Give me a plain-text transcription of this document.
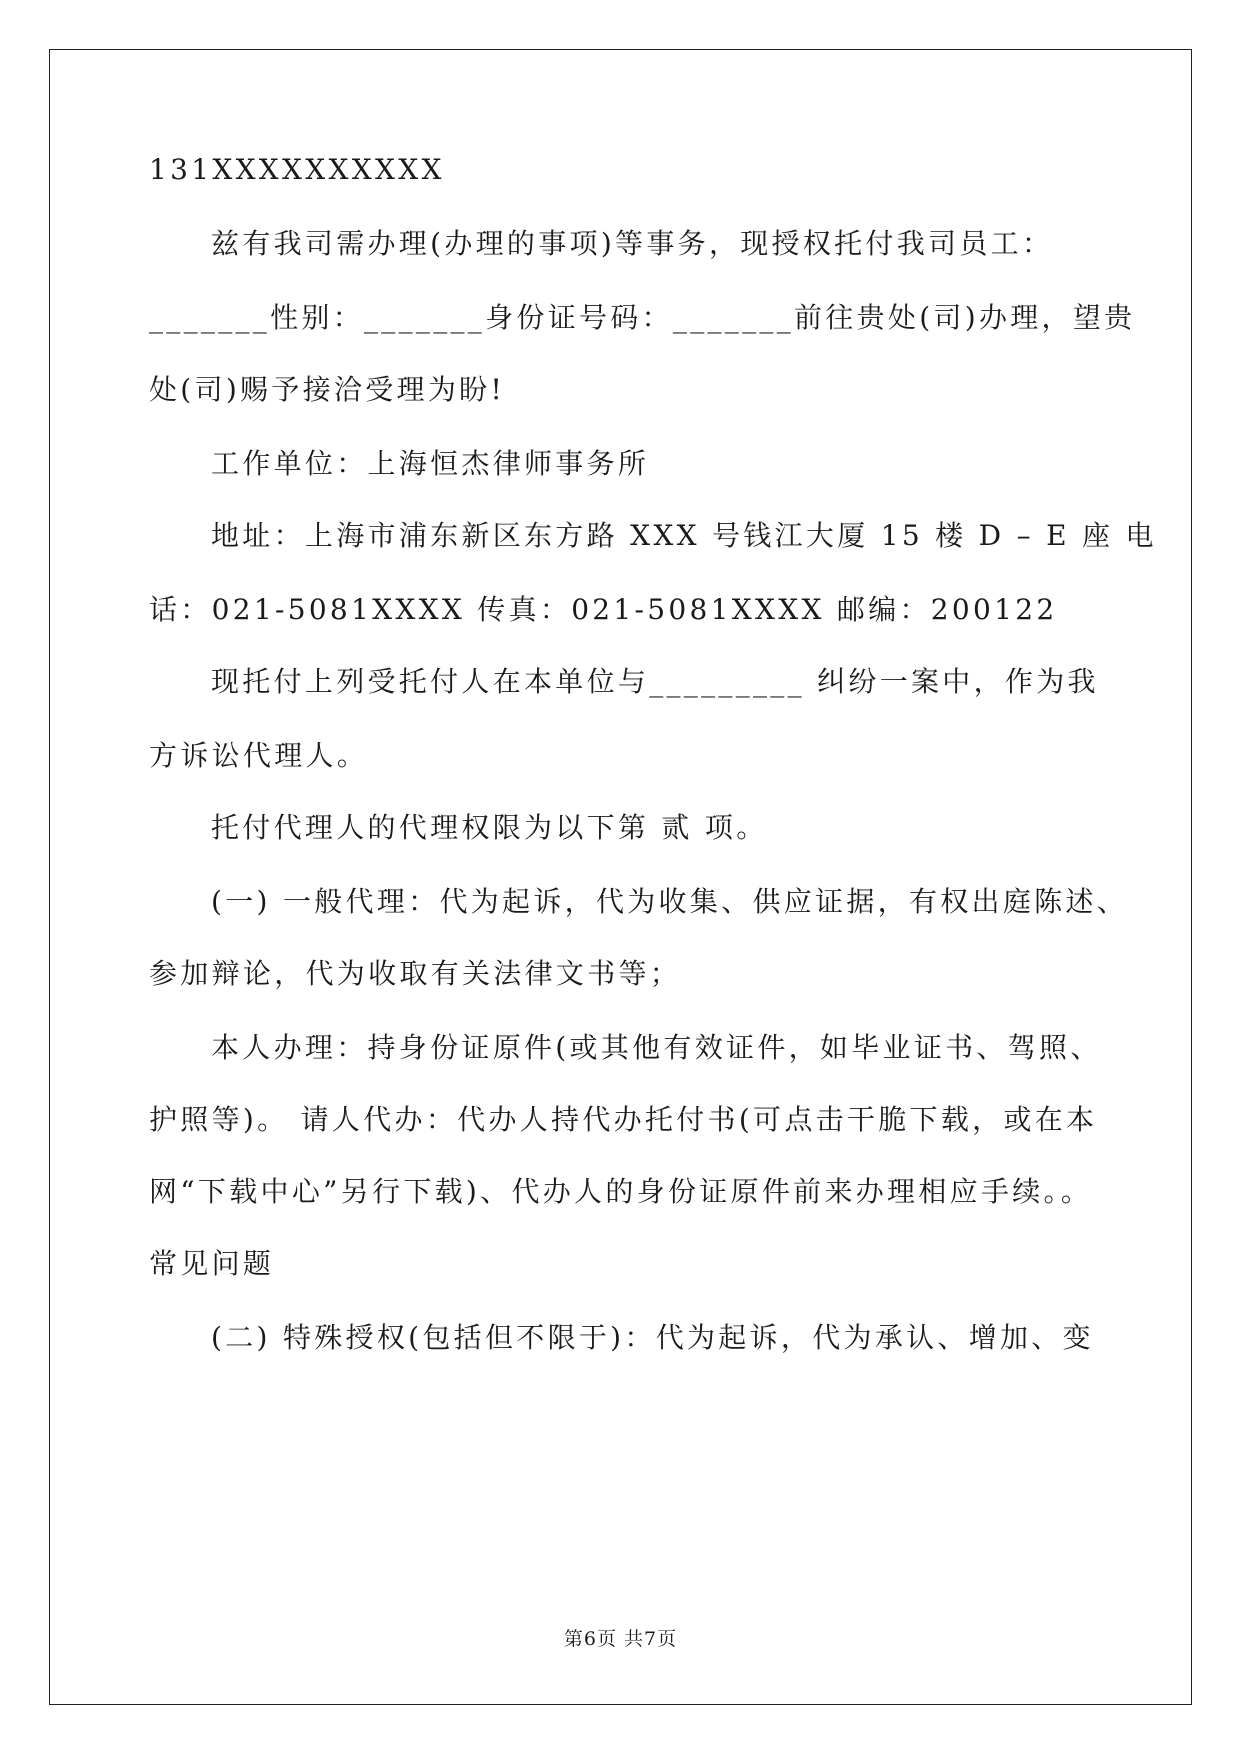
131XXXXXXXXXX
兹有我司需办理(办理的事项)等事务，现授权托付我司员工：
_______性别：_______身份证号码：_______前往贵处(司)办理，望贵
处(司)赐予接洽受理为盼!
工作单位：上海恒杰律师事务所
地址：上海市浦东新区东方路 XXX 号钱江大厦 15 楼 D – E 座 电
话：021-5081XXXX 传真：021-5081XXXX 邮编：200122
现托付上列受托付人在本单位与_________ 纠纷一案中，作为我
方诉讼代理人。
托付代理人的代理权限为以下第 贰 项。
(一) 一般代理：代为起诉，代为收集、供应证据，有权出庭陈述、
参加辩论，代为收取有关法律文书等；
本人办理：持身份证原件(或其他有效证件，如毕业证书、驾照、
护照等)。 请人代办：代办人持代办托付书(可点击干脆下载，或在本
网“下载中心”另行下载)、代办人的身份证原件前来办理相应手续。。
常见问题
(二) 特殊授权(包括但不限于)：代为起诉，代为承认、增加、变
第6页 共7页
